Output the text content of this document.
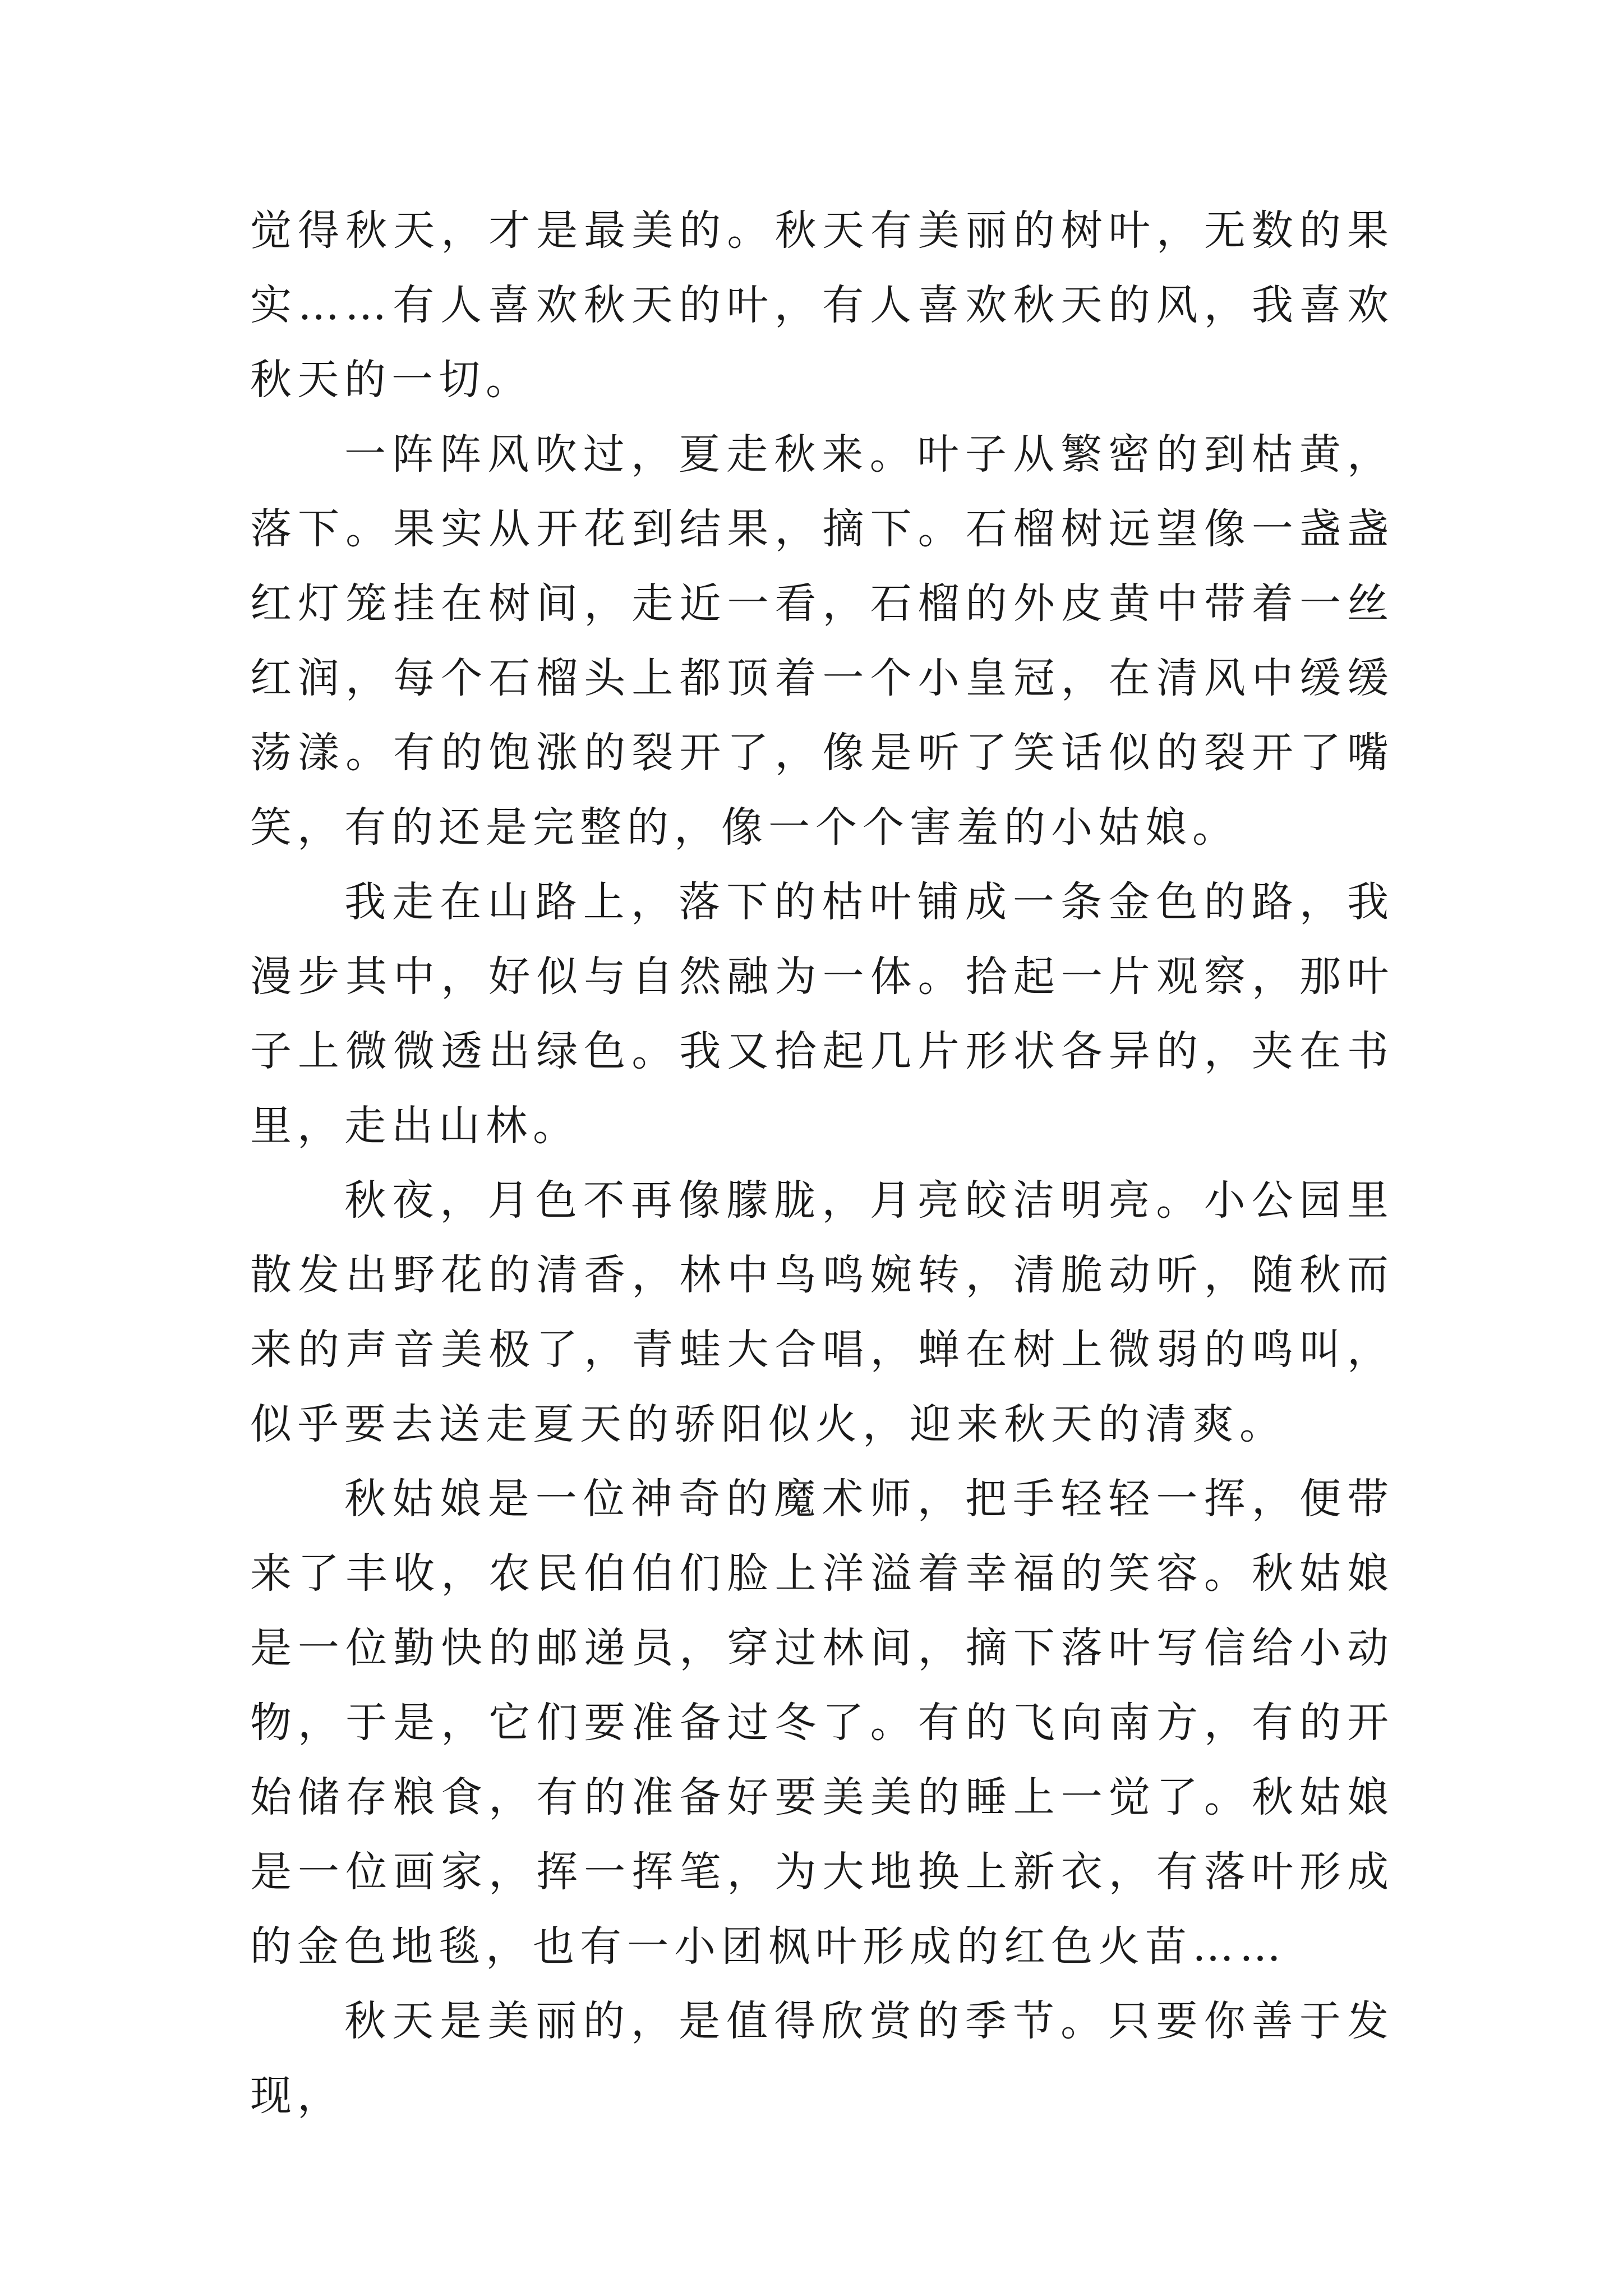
觉得秋天，才是最美的。秋天有美丽的树叶，无数的果实……有人喜欢秋天的叶，有人喜欢秋天的风，我喜欢秋天的一切。

一阵阵风吹过，夏走秋来。叶子从繁密的到枯黄，落下。果实从开花到结果，摘下。石榴树远望像一盏盏红灯笼挂在树间，走近一看，石榴的外皮黄中带着一丝红润，每个石榴头上都顶着一个小皇冠，在清风中缓缓荡漾。有的饱涨的裂开了，像是听了笑话似的裂开了嘴笑，有的还是完整的，像一个个害羞的小姑娘。

我走在山路上，落下的枯叶铺成一条金色的路，我漫步其中，好似与自然融为一体。拾起一片观察，那叶子上微微透出绿色。我又拾起几片形状各异的，夹在书里，走出山林。

秋夜，月色不再像朦胧，月亮皎洁明亮。小公园里散发出野花的清香，林中鸟鸣婉转，清脆动听，随秋而来的声音美极了，青蛙大合唱，蝉在树上微弱的鸣叫，似乎要去送走夏天的骄阳似火，迎来秋天的清爽。

秋姑娘是一位神奇的魔术师，把手轻轻一挥，便带来了丰收，农民伯伯们脸上洋溢着幸福的笑容。秋姑娘是一位勤快的邮递员，穿过林间，摘下落叶写信给小动物，于是，它们要准备过冬了。有的飞向南方，有的开始储存粮食，有的准备好要美美的睡上一觉了。秋姑娘是一位画家，挥一挥笔，为大地换上新衣，有落叶形成的金色地毯，也有一小团枫叶形成的红色火苗……

秋天是美丽的，是值得欣赏的季节。只要你善于发现，
